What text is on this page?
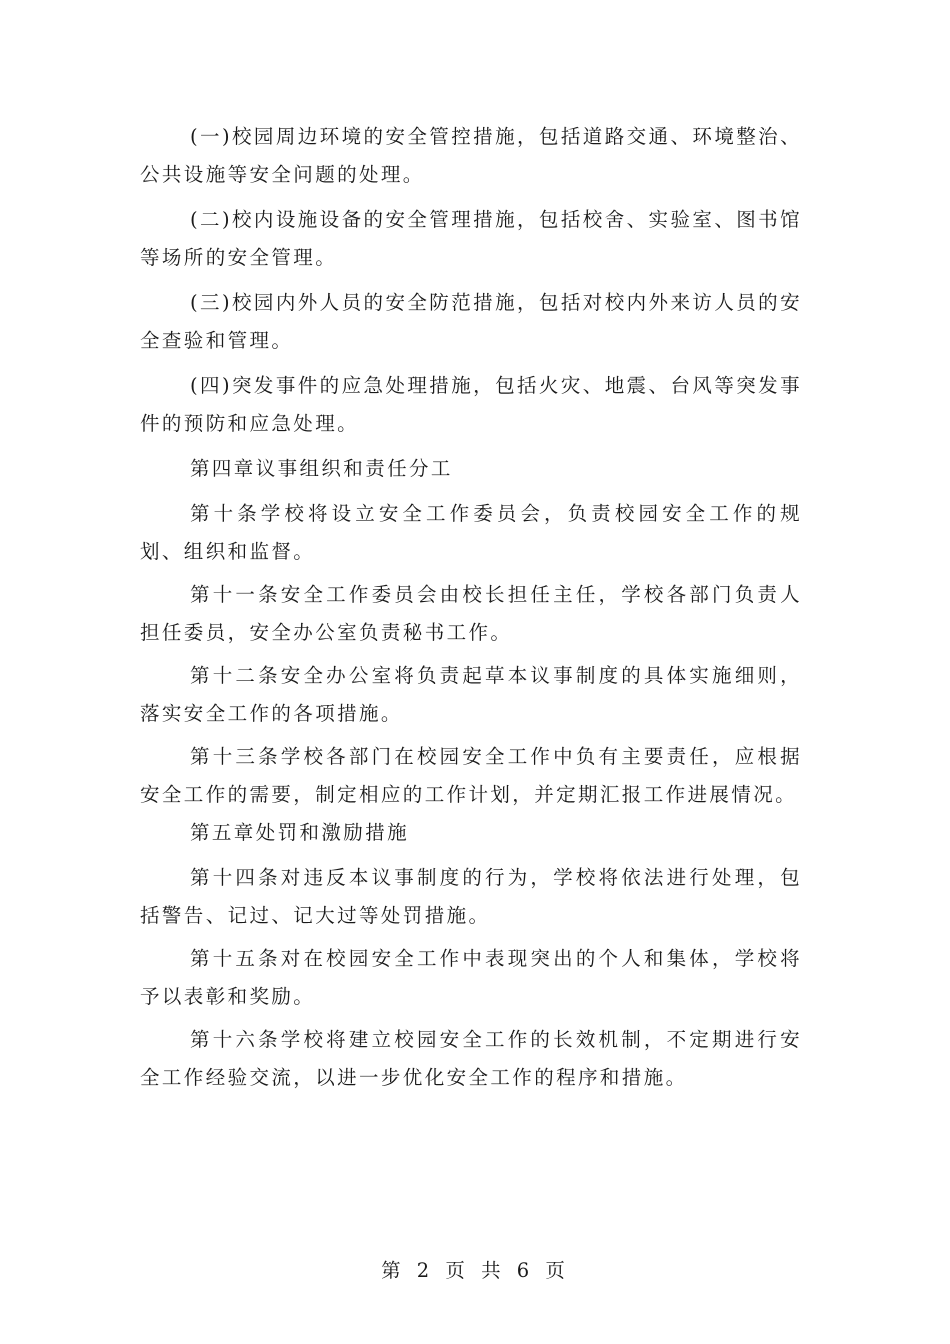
(一)校园周边环境的安全管控措施，包括道路交通、环境整治、公共设施等安全问题的处理。

(二)校内设施设备的安全管理措施，包括校舍、实验室、图书馆等场所的安全管理。

(三)校园内外人员的安全防范措施，包括对校内外来访人员的安全查验和管理。

(四)突发事件的应急处理措施，包括火灾、地震、台风等突发事件的预防和应急处理。

第四章议事组织和责任分工

第十条学校将设立安全工作委员会，负责校园安全工作的规划、组织和监督。

第十一条安全工作委员会由校长担任主任，学校各部门负责人担任委员，安全办公室负责秘书工作。

第十二条安全办公室将负责起草本议事制度的具体实施细则，落实安全工作的各项措施。

第十三条学校各部门在校园安全工作中负有主要责任，应根据安全工作的需要，制定相应的工作计划，并定期汇报工作进展情况。

第五章处罚和激励措施

第十四条对违反本议事制度的行为，学校将依法进行处理，包括警告、记过、记大过等处罚措施。

第十五条对在校园安全工作中表现突出的个人和集体，学校将予以表彰和奖励。

第十六条学校将建立校园安全工作的长效机制，不定期进行安全工作经验交流，以进一步优化安全工作的程序和措施。

第 2 页 共 6 页
